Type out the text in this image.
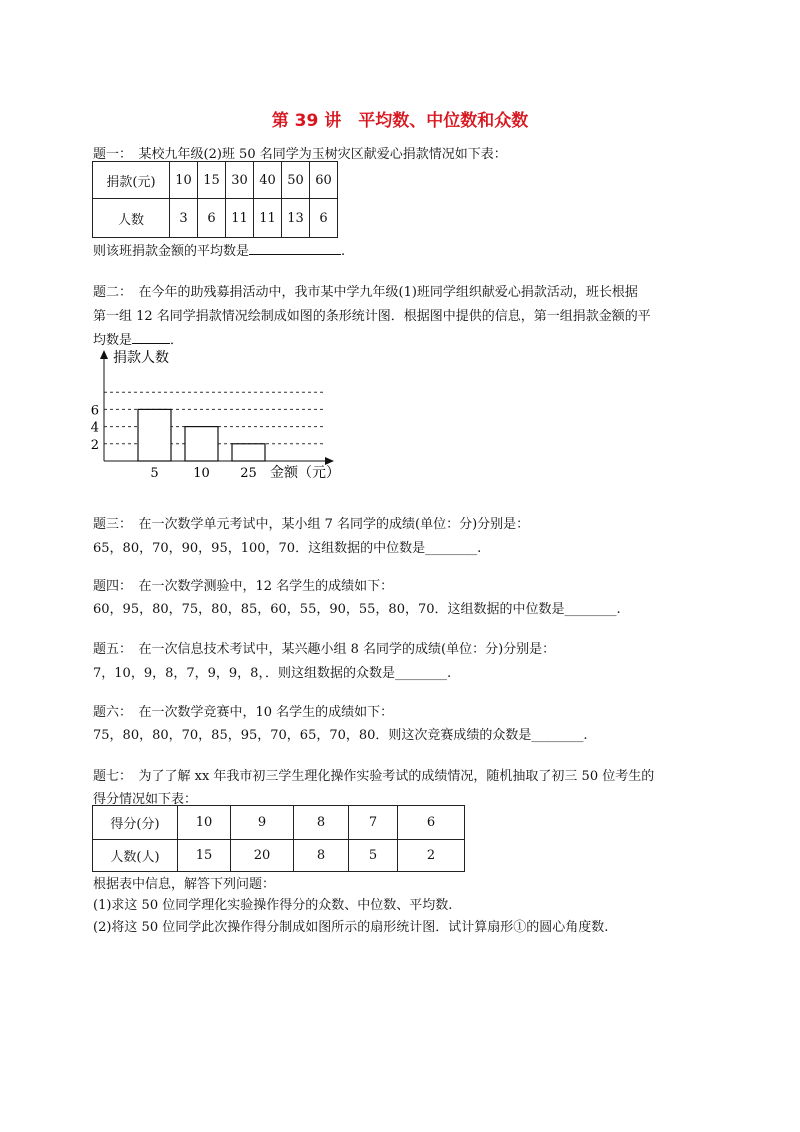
第 39 讲　平均数、中位数和众数
题一：　某校九年级(2)班 50 名同学为玉树灾区献爱心捐款情况如下表：
捐款(元)	10	15	30	40	50	60
人数	3	6	11	11	13	6
则该班捐款金额的平均数是	.
题二：　在今年的助残募捐活动中，我市某中学九年级(1)班同学组织献爱心捐款活动，班长根据
第一组 12 名同学捐款情况绘制成如图的条形统计图．根据图中提供的信息，第一组捐款金额的平
均数是	．
2
4
6
5	10 25
捐款人数
金额（元）
题三：　在一次数学单元考试中，某小组 7 名同学的成绩(单位：分)分别是：
65，80，70，90，95，100，70．这组数据的中位数是________.
题四：　在一次数学测验中，12 名学生的成绩如下：
60，95，80，75，80，85，60，55，90，55，80，70．这组数据的中位数是________.
题五：　在一次信息技术考试中，某兴趣小组 8 名同学的成绩(单位：分)分别是：
7，10，9，8，7，9，9，8，．则这组数据的众数是________.
题六：　在一次数学竞赛中，10 名学生的成绩如下：
75，80，80，70，85，95，70，65，70，80．则这次竞赛成绩的众数是________.
题七：　为了了解 xx 年我市初三学生理化操作实验考试的成绩情况，随机抽取了初三 50 位考生的
得分情况如下表：
得分(分)	10	9	8	7	6
人数(人)	15	20	8	5	2
根据表中信息，解答下列问题：
(1)求这 50 位同学理化实验操作得分的众数、中位数、平均数.
(2)将这 50 位同学此次操作得分制成如图所示的扇形统计图．试计算扇形①的圆心角度数.
